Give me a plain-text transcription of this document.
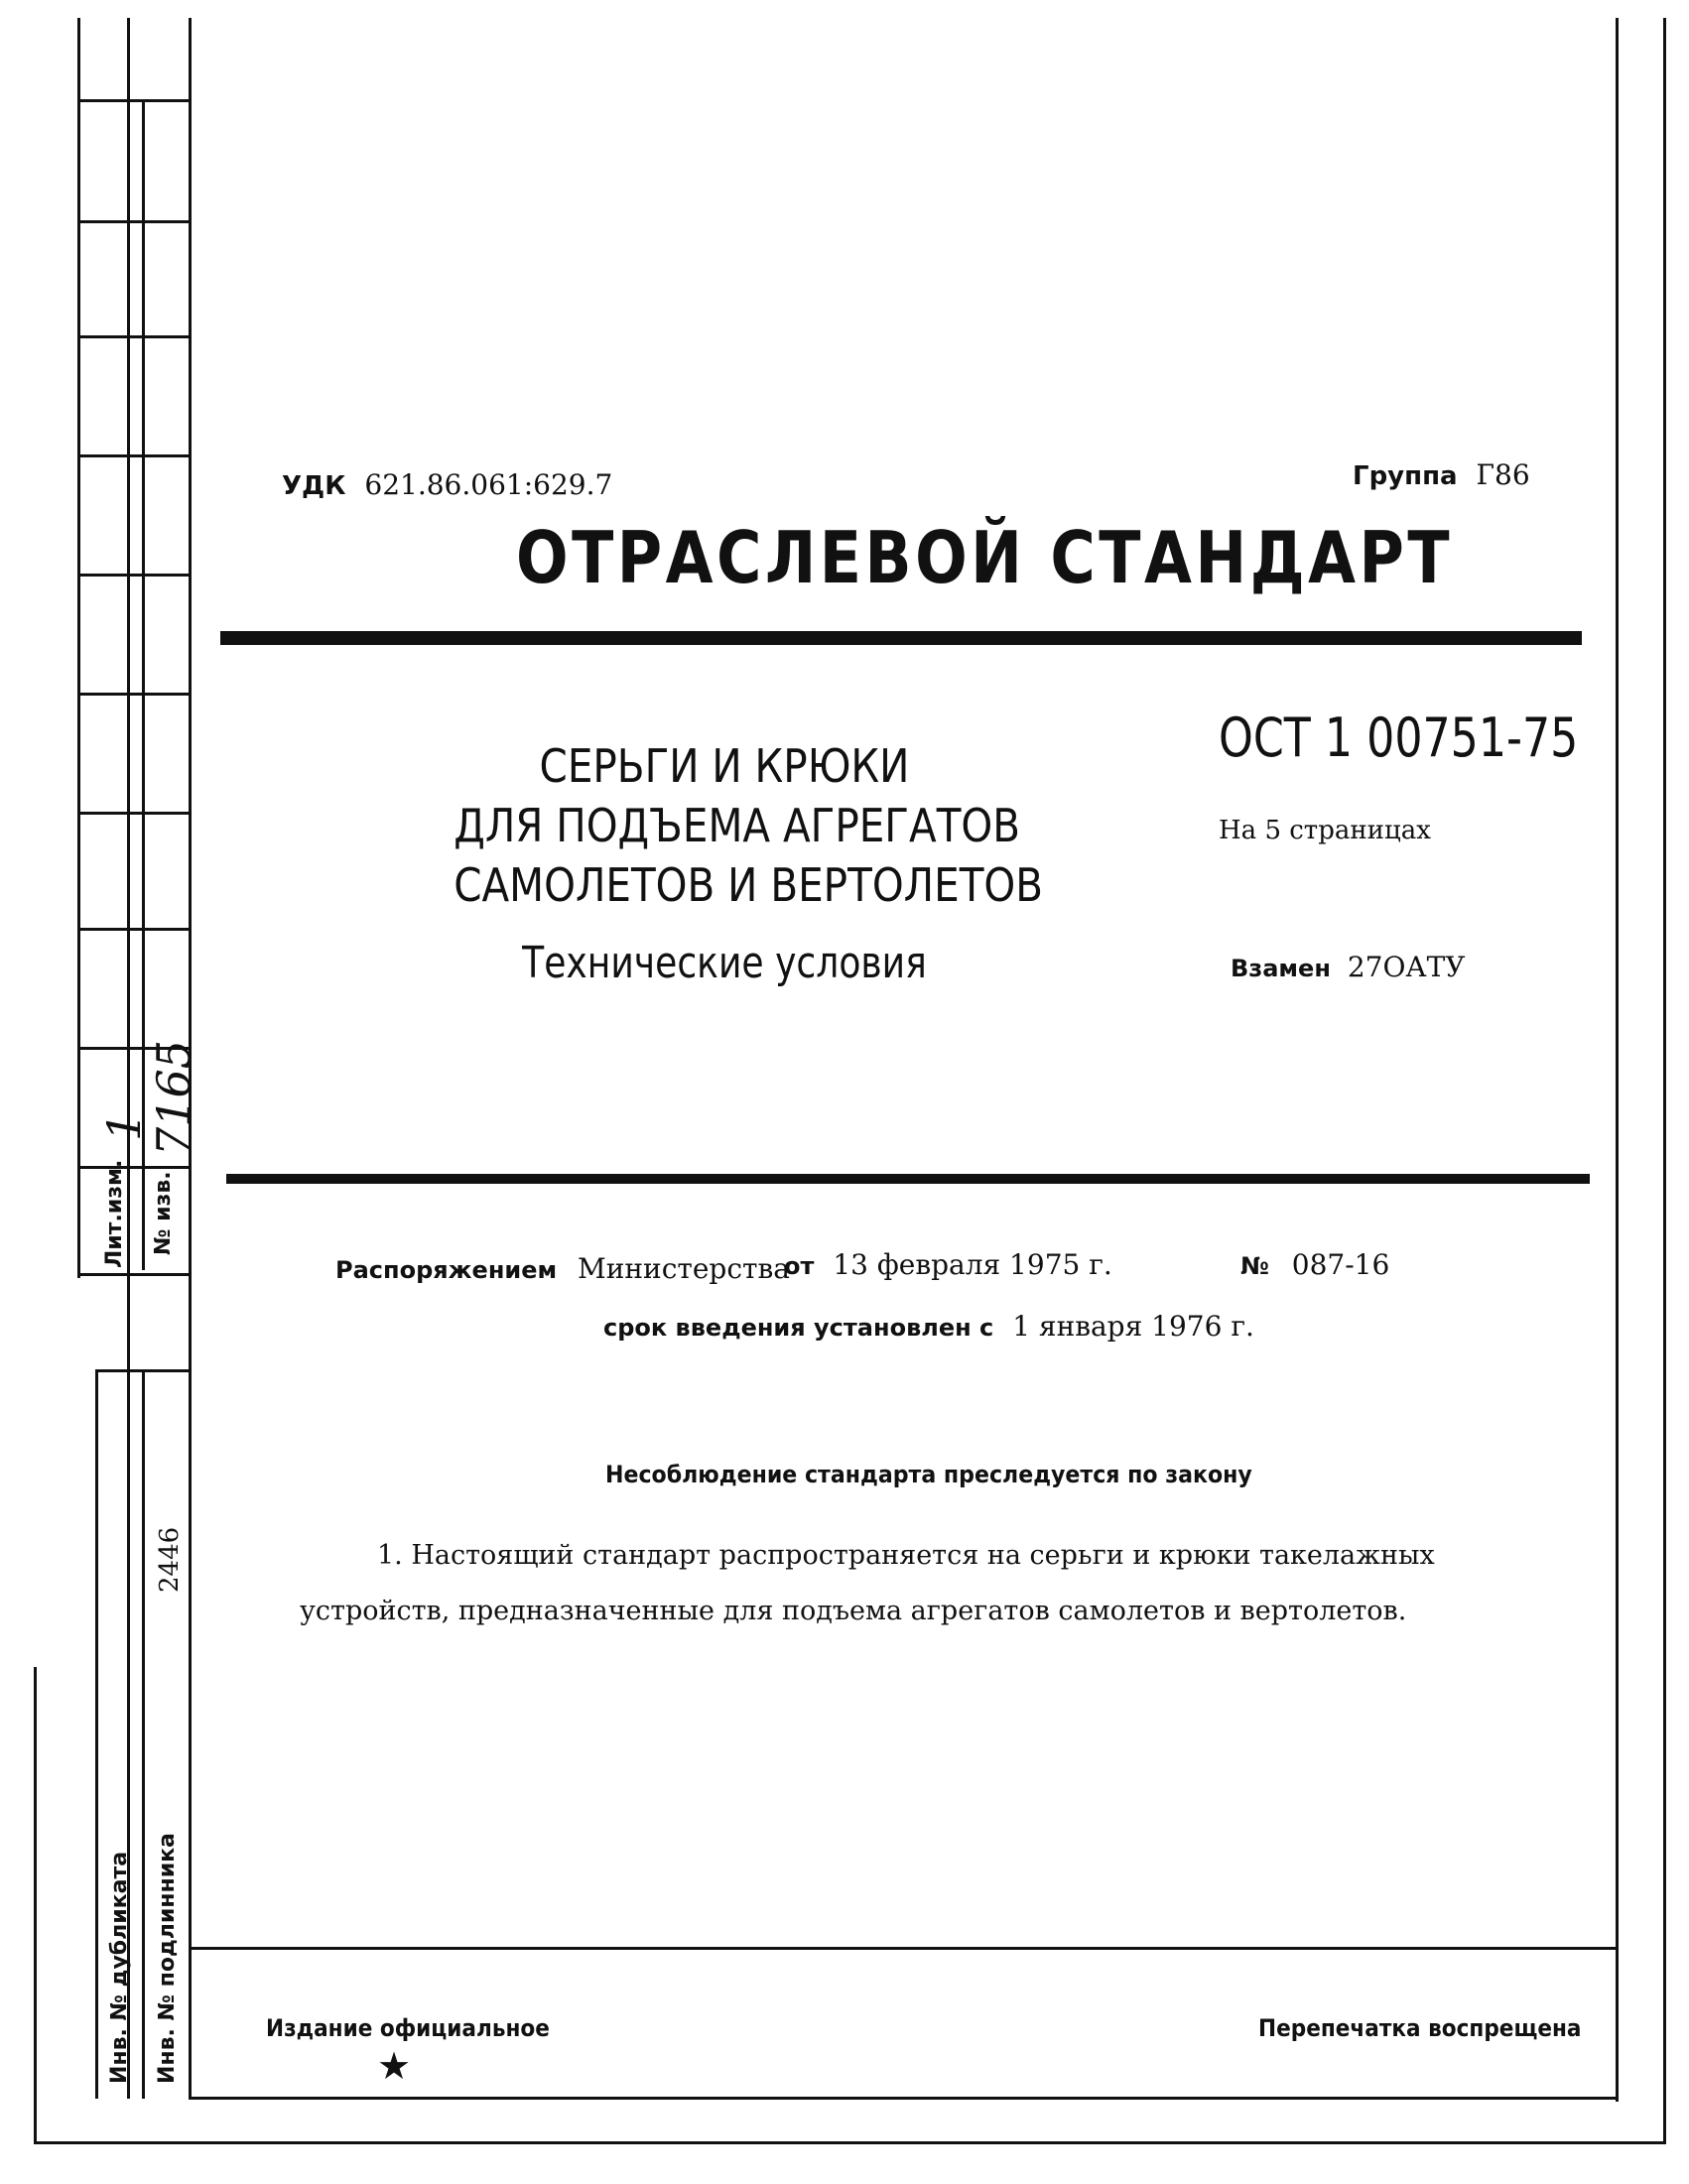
Лит.изм. № изв.
1
7165
Инв. № дубликата Инв. № подлинника
2446
УДК 621.86.061:629.7	Группа Г86
ОТРАСЛЕВОЙ СТАНДАРТ
СЕРЬГИ И КРЮКИ
ДЛЯ ПОДЪЕМА АГРЕГАТОВ
САМОЛЕТОВ И ВЕРТОЛЕТОВ
Технические условия
ОСТ 1 00751-75
На 5 страницах
Взамен 27ОАТУ
Распоряжением Министерства
от 13 февраля 1975 г.	№ 087-16
срок введения установлен с 1 января 1976 г.
Несоблюдение стандарта преследуется по закону
1. Настоящий стандарт распространяется на серьги и крюки такелажных
устройств, предназначенные для подъема агрегатов самолетов и вертолетов.
Издание официальное
★
Перепечатка воспрещена
